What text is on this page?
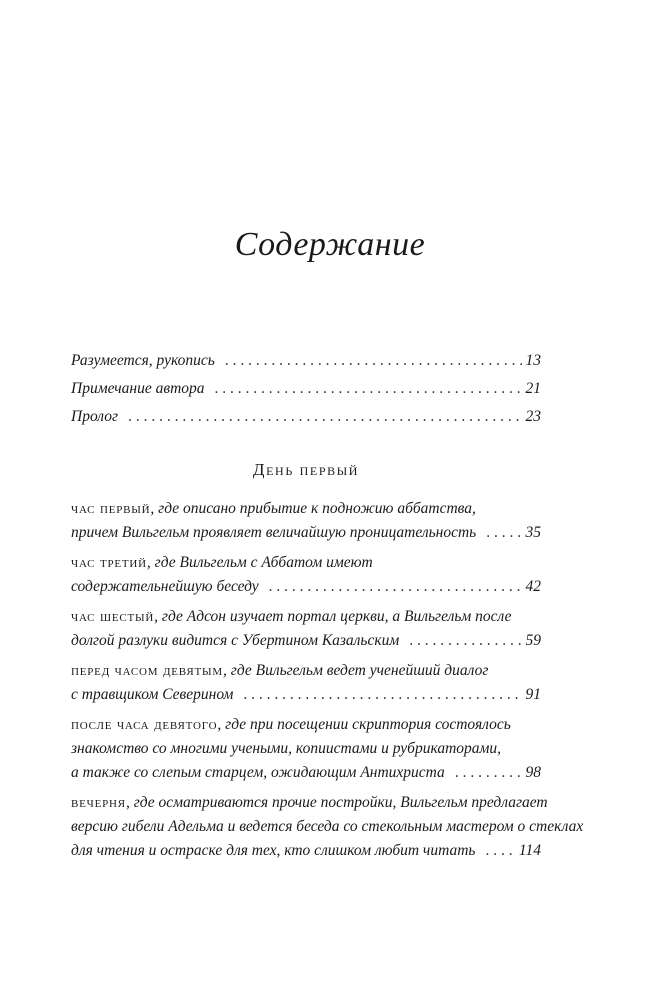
Содержание
Разумеется, рукопись . . .	13
Примечание автора . . .	21
Пролог . . .	23
День первый
час первый, где описано прибытие к подножию аббатства,
причем Вильгельм проявляет величайшую проницательность . . .	35
час третий, где Вильгельм с Аббатом имеют
содержательнейшую беседу . . .	42
час шестый, где Адсон изучает портал церкви, а Вильгельм после
долгой разлуки видится с Убертином Казальским . . .	59
перед часом девятым, где Вильгельм ведет ученейший диалог
с травщиком Северином . . .	91
после часа девятого, где при посещении скриптория состоялось
знакомство со многими учеными, копиистами и рубрикаторами,
а также со слепым старцем, ожидающим Антихриста . . .	98
вечерня, где осматриваются прочие постройки, Вильгельм предлагает
версию гибели Адельма и ведется беседа со стекольным мастером о стеклах
для чтения и остраске для тех, кто слишком любит читать . . .	114
